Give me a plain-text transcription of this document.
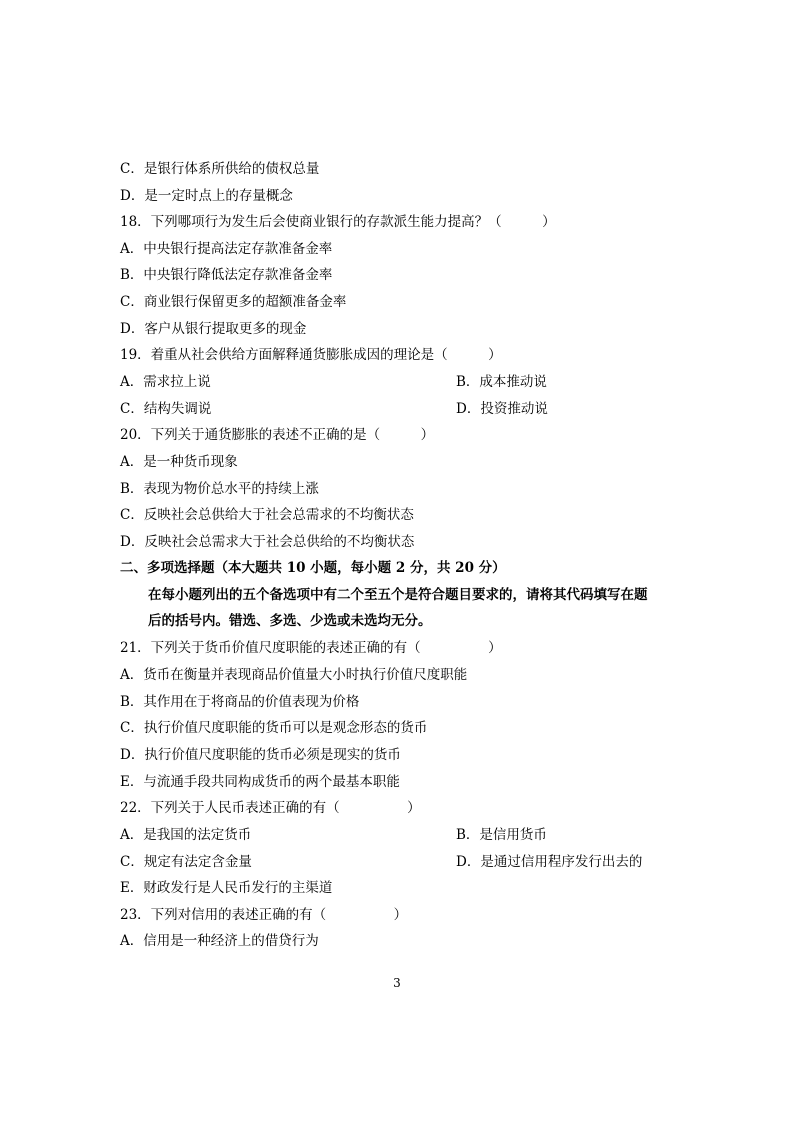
C．是银行体系所供给的债权总量
D．是一定时点上的存量概念
18．下列哪项行为发生后会使商业银行的存款派生能力提高？（　　　）
A．中央银行提高法定存款准备金率
B．中央银行降低法定存款准备金率
C．商业银行保留更多的超额准备金率
D．客户从银行提取更多的现金
19．着重从社会供给方面解释通货膨胀成因的理论是（　　　）
A．需求拉上说	B．成本推动说
C．结构失调说	D．投资推动说
20．下列关于通货膨胀的表述不正确的是（　　　）
A．是一种货币现象
B．表现为物价总水平的持续上涨
C．反映社会总供给大于社会总需求的不均衡状态
D．反映社会总需求大于社会总供给的不均衡状态
二、多项选择题（本大题共 10 小题，每小题 2 分，共 20 分）
在每小题列出的五个备选项中有二个至五个是符合题目要求的，请将其代码填写在题
后的括号内。错选、多选、少选或未选均无分。
21．下列关于货币价值尺度职能的表述正确的有（　　　　　）
A．货币在衡量并表现商品价值量大小时执行价值尺度职能
B．其作用在于将商品的价值表现为价格
C．执行价值尺度职能的货币可以是观念形态的货币
D．执行价值尺度职能的货币必须是现实的货币
E．与流通手段共同构成货币的两个最基本职能
22．下列关于人民币表述正确的有（　　　　　）
A．是我国的法定货币	B．是信用货币
C．规定有法定含金量	D．是通过信用程序发行出去的
E．财政发行是人民币发行的主渠道
23．下列对信用的表述正确的有（　　　　　）
A．信用是一种经济上的借贷行为
3
